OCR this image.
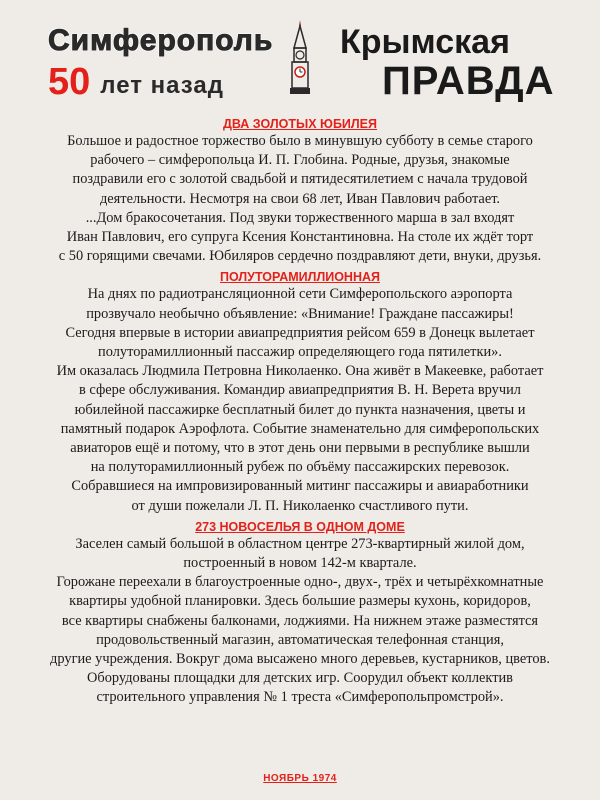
Симферополь
50 лет назад
Крымская
ПРАВДА

ДВА ЗОЛОТЫХ ЮБИЛЕЯ

Большое и радостное торжество было в минувшую субботу в семье старого
рабочего – симферопольца И. П. Глобина. Родные, друзья, знакомые
поздравили его с золотой свадьбой и пятидесятилетием с начала трудовой
деятельности. Несмотря на свои 68 лет, Иван Павлович работает.
...Дом бракосочетания. Под звуки торжественного марша в зал входят
Иван Павлович, его супруга Ксения Константиновна. На столе их ждёт торт
с 50 горящими свечами. Юбиляров сердечно поздравляют дети, внуки, друзья.

ПОЛУТОРАМИЛЛИОННАЯ

На днях по радиотрансляционной сети Симферопольского аэропорта
прозвучало необычно объявление: «Внимание! Граждане пассажиры!
Сегодня впервые в истории авиапредприятия рейсом 659 в Донецк вылетает
полуторамиллионный пассажир определяющего года пятилетки».
Им оказалась Людмила Петровна Николаенко. Она живёт в Макеевке, работает
в сфере обслуживания. Командир авиапредприятия В. Н. Верета вручил
юбилейной пассажирке бесплатный билет до пункта назначения, цветы и
памятный подарок Аэрофлота. Событие знаменательно для симферопольских
авиаторов ещё и потому, что в этот день они первыми в республике вышли
на полуторамиллионный рубеж по объёму пассажирских перевозок.
Собравшиеся на импровизированный митинг пассажиры и авиаработники
от души пожелали Л. П. Николаенко счастливого пути.

273 НОВОСЕЛЬЯ В ОДНОМ ДОМЕ

Заселен самый большой в областном центре 273-квартирный жилой дом,
построенный в новом 142-м квартале.
Горожане переехали в благоустроенные одно-, двух-, трёх и четырёхкомнатные
квартиры удобной планировки. Здесь большие размеры кухонь, коридоров,
все квартиры снабжены балконами, лоджиями. На нижнем этаже разместятся
продовольственный магазин, автоматическая телефонная станция,
другие учреждения. Вокруг дома высажено много деревьев, кустарников, цветов.
Оборудованы площадки для детских игр. Соорудил объект коллектив
строительного управления № 1 треста «Симферопольпромстрой».

НОЯБРЬ 1974
